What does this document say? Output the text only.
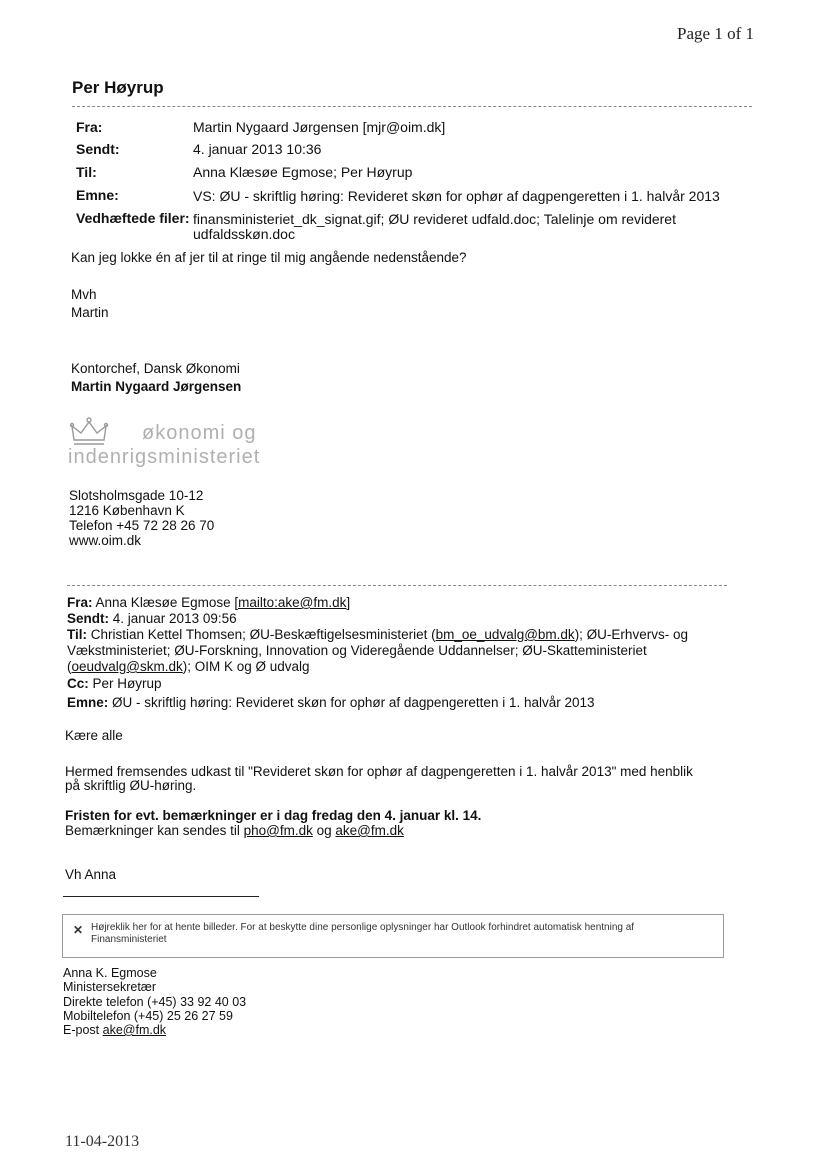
Page 1 of 1
Per Høyrup
Fra:	Martin Nygaard Jørgensen [mjr@oim.dk]
Sendt:	4. januar 2013 10:36
Til:	Anna Klæsøe Egmose; Per Høyrup
Emne:	VS: ØU - skriftlig høring: Revideret skøn for ophør af dagpengeretten i 1. halvår 2013
Vedhæftede filer: finansministeriet_dk_signat.gif; ØU revideret udfald.doc; Talelinje om revideret
udfaldsskøn.doc
Kan jeg lokke én af jer til at ringe til mig angående nedenstående?
Mvh
Martin
Kontorchef, Dansk Økonomi
Martin Nygaard Jørgensen
økonomi og
indenrigsministeriet
Slotsholmsgade 10-12
1216 København K
Telefon +45 72 28 26 70
www.oim.dk
Fra: Anna Klæsøe Egmose [mailto:ake@fm.dk]
Sendt: 4. januar 2013 09:56
Til: Christian Kettel Thomsen; ØU-Beskæftigelsesministeriet (bm_oe_udvalg@bm.dk); ØU-Erhvervs- og
Vækstministeriet; ØU-Forskning, Innovation og Videregående Uddannelser; ØU-Skatteministeriet
(oeudvalg@skm.dk); OIM K og Ø udvalg
Cc: Per Høyrup
Emne: ØU - skriftlig høring: Revideret skøn for ophør af dagpengeretten i 1. halvår 2013
Kære alle
Hermed fremsendes udkast til "Revideret skøn for ophør af dagpengeretten i 1. halvår 2013" med henblik
på skriftlig ØU-høring.
Fristen for evt. bemærkninger er i dag fredag den 4. januar kl. 14.
Bemærkninger kan sendes til pho@fm.dk og ake@fm.dk
Vh Anna
✕ Højreklik her for at hente billeder. For at beskytte dine personlige oplysninger har Outlook forhindret automatisk hentning af
Finansministeriet
Anna K. Egmose
Ministersekretær
Direkte telefon (+45) 33 92 40 03
Mobiltelefon (+45) 25 26 27 59
E-post ake@fm.dk
11-04-2013
